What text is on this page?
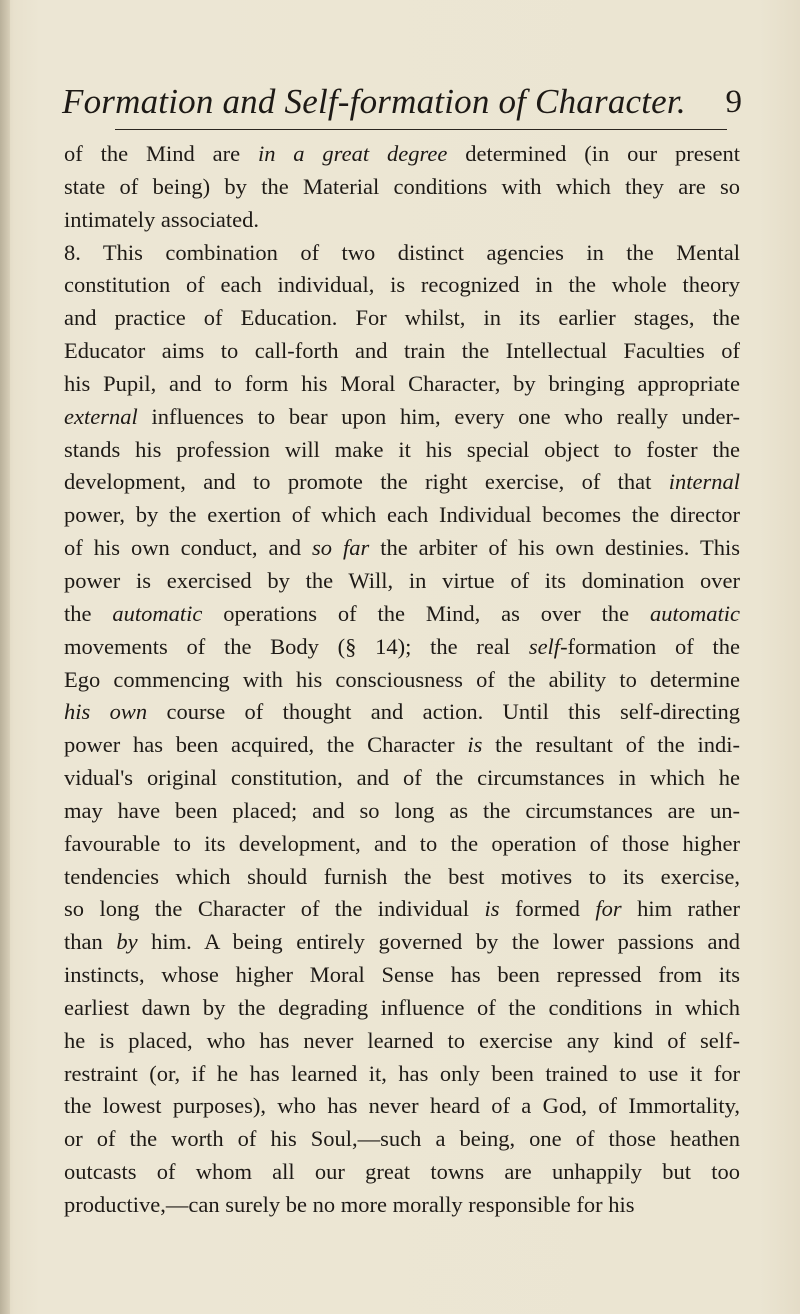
Formation and Self-formation of Character. 9
of the Mind are in a great degree determined (in our present
state of being) by the Material conditions with which they are so
intimately associated.
8. This combination of two distinct agencies in the Mental
constitution of each individual, is recognized in the whole theory
and practice of Education. For whilst, in its earlier stages, the
Educator aims to call-forth and train the Intellectual Faculties of
his Pupil, and to form his Moral Character, by bringing appropriate
external influences to bear upon him, every one who really under-
stands his profession will make it his special object to foster the
development, and to promote the right exercise, of that internal
power, by the exertion of which each Individual becomes the director
of his own conduct, and so far the arbiter of his own destinies. This
power is exercised by the Will, in virtue of its domination over
the automatic operations of the Mind, as over the automatic
movements of the Body (§ 14); the real self-formation of the
Ego commencing with his consciousness of the ability to determine
his own course of thought and action. Until this self-directing
power has been acquired, the Character is the resultant of the indi-
vidual's original constitution, and of the circumstances in which he
may have been placed; and so long as the circumstances are un-
favourable to its development, and to the operation of those higher
tendencies which should furnish the best motives to its exercise,
so long the Character of the individual is formed for him rather
than by him. A being entirely governed by the lower passions and
instincts, whose higher Moral Sense has been repressed from its
earliest dawn by the degrading influence of the conditions in which
he is placed, who has never learned to exercise any kind of self-
restraint (or, if he has learned it, has only been trained to use it for
the lowest purposes), who has never heard of a God, of Immortality,
or of the worth of his Soul,—such a being, one of those heathen
outcasts of whom all our great towns are unhappily but too
productive,—can surely be no more morally responsible for his
